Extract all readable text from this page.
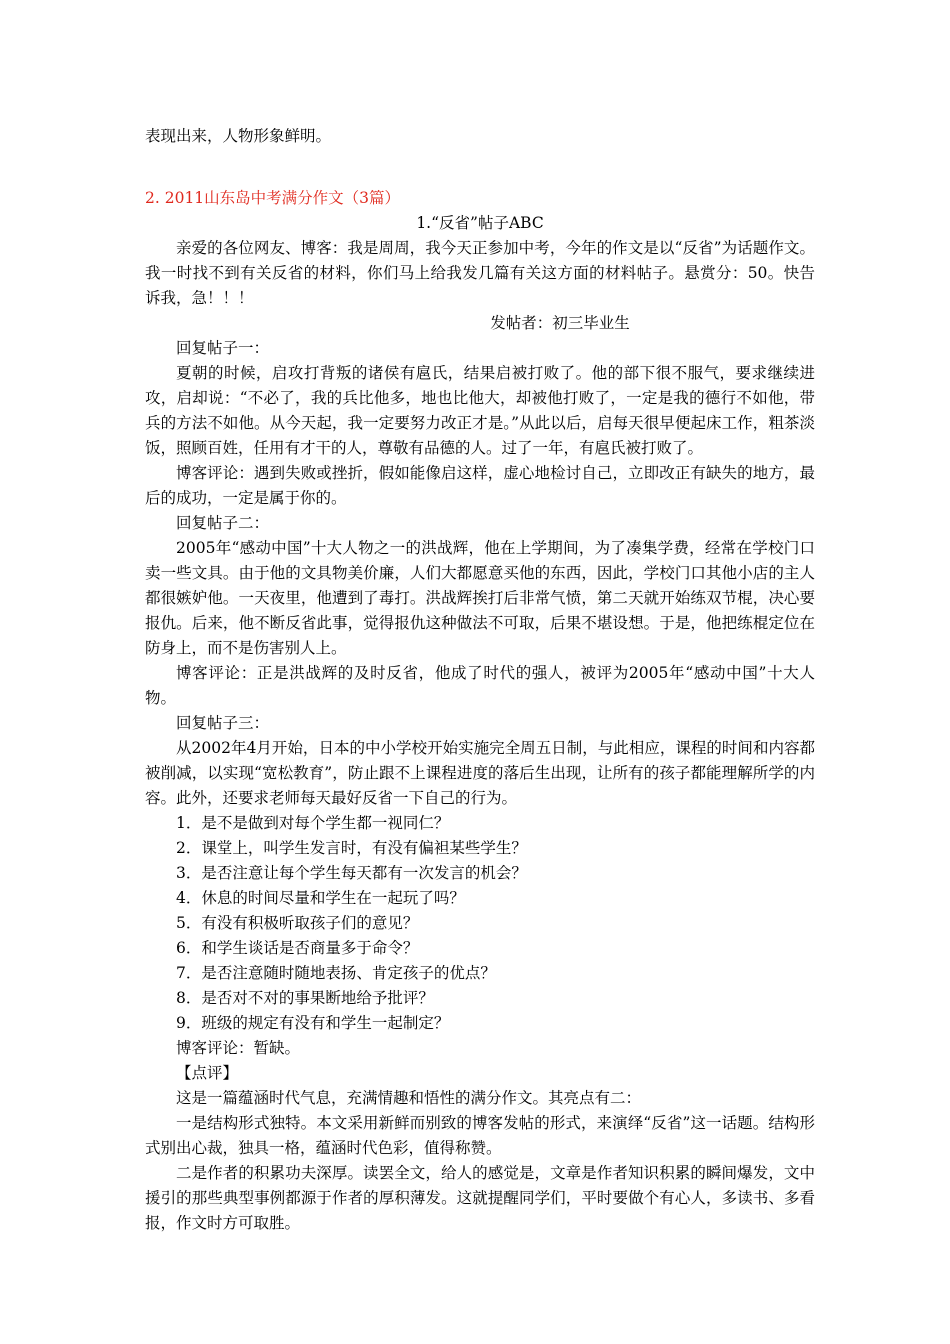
表现出来，人物形象鲜明。

2. 2011山东岛中考满分作文（3篇）

1.“反省”帖子ABC

亲爱的各位网友、博客：我是周周，我今天正参加中考，今年的作文是以“反省”为话题作文。我一时找不到有关反省的材料，你们马上给我发几篇有关这方面的材料帖子。悬赏分：50。快告诉我，急！！！

发帖者：初三毕业生

回复帖子一：

夏朝的时候，启攻打背叛的诸侯有扈氏，结果启被打败了。他的部下很不服气，要求继续进攻，启却说：“不必了，我的兵比他多，地也比他大，却被他打败了，一定是我的德行不如他，带兵的方法不如他。从今天起，我一定要努力改正才是。”从此以后，启每天很早便起床工作，粗茶淡饭，照顾百姓，任用有才干的人，尊敬有品德的人。过了一年，有扈氏被打败了。

博客评论：遇到失败或挫折，假如能像启这样，虚心地检讨自己，立即改正有缺失的地方，最后的成功，一定是属于你的。

回复帖子二：

2005年“感动中国”十大人物之一的洪战辉，他在上学期间，为了凑集学费，经常在学校门口卖一些文具。由于他的文具物美价廉，人们大都愿意买他的东西，因此，学校门口其他小店的主人都很嫉妒他。一天夜里，他遭到了毒打。洪战辉挨打后非常气愤，第二天就开始练双节棍，决心要报仇。后来，他不断反省此事，觉得报仇这种做法不可取，后果不堪设想。于是，他把练棍定位在防身上，而不是伤害别人上。

博客评论：正是洪战辉的及时反省，他成了时代的强人，被评为2005年“感动中国”十大人物。

回复帖子三：

从2002年4月开始，日本的中小学校开始实施完全周五日制，与此相应，课程的时间和内容都被削减，以实现“宽松教育”，防止跟不上课程进度的落后生出现，让所有的孩子都能理解所学的内容。此外，还要求老师每天最好反省一下自己的行为。

1．是不是做到对每个学生都一视同仁？

2．课堂上，叫学生发言时，有没有偏袒某些学生？

3．是否注意让每个学生每天都有一次发言的机会？

4．休息的时间尽量和学生在一起玩了吗？

5．有没有积极听取孩子们的意见？

6．和学生谈话是否商量多于命令？

7．是否注意随时随地表扬、肯定孩子的优点？

8．是否对不对的事果断地给予批评？

9．班级的规定有没有和学生一起制定？

博客评论：暂缺。

【点评】

这是一篇蕴涵时代气息，充满情趣和悟性的满分作文。其亮点有二：

一是结构形式独特。本文采用新鲜而别致的博客发帖的形式，来演绎“反省”这一话题。结构形式别出心裁，独具一格，蕴涵时代色彩，值得称赞。

二是作者的积累功夫深厚。读罢全文，给人的感觉是，文章是作者知识积累的瞬间爆发，文中援引的那些典型事例都源于作者的厚积薄发。这就提醒同学们，平时要做个有心人，多读书、多看报，作文时方可取胜。
